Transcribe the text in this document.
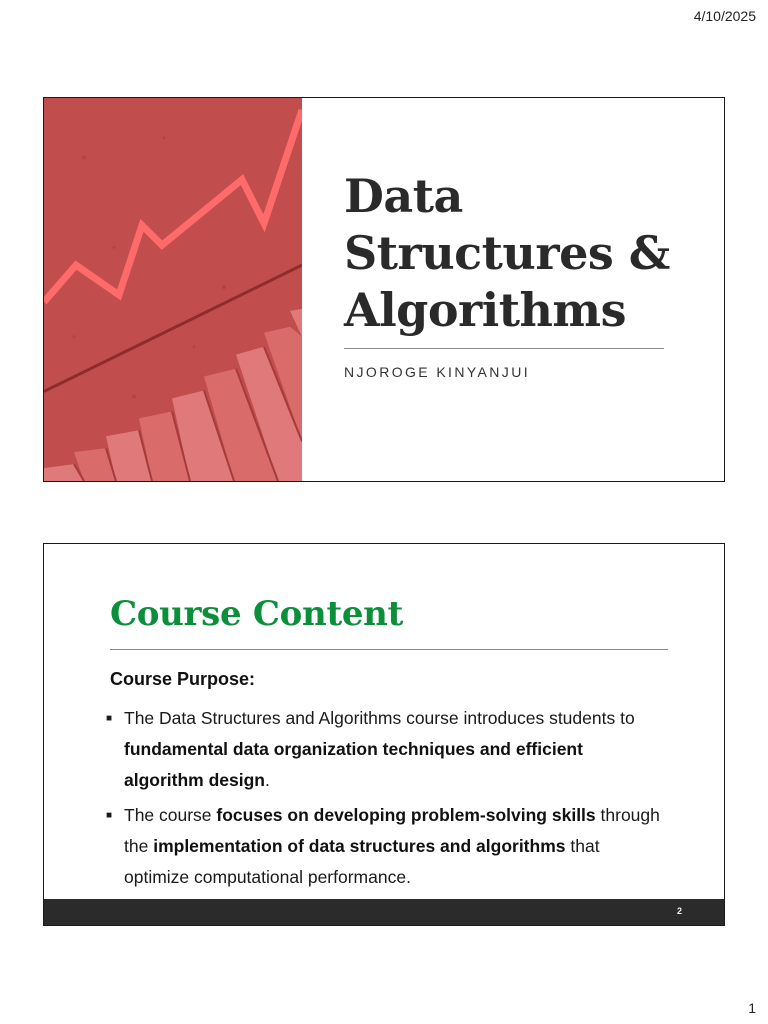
4/10/2025
Data
Structures &
Algorithms
NJOROGE KINYANJUI
Course Content
Course Purpose:
■ The Data Structures and Algorithms course introduces students to fundamental data organization techniques and efficient algorithm design.
■ The course focuses on developing problem-solving skills through the implementation of data structures and algorithms that optimize computational performance.
2
1
